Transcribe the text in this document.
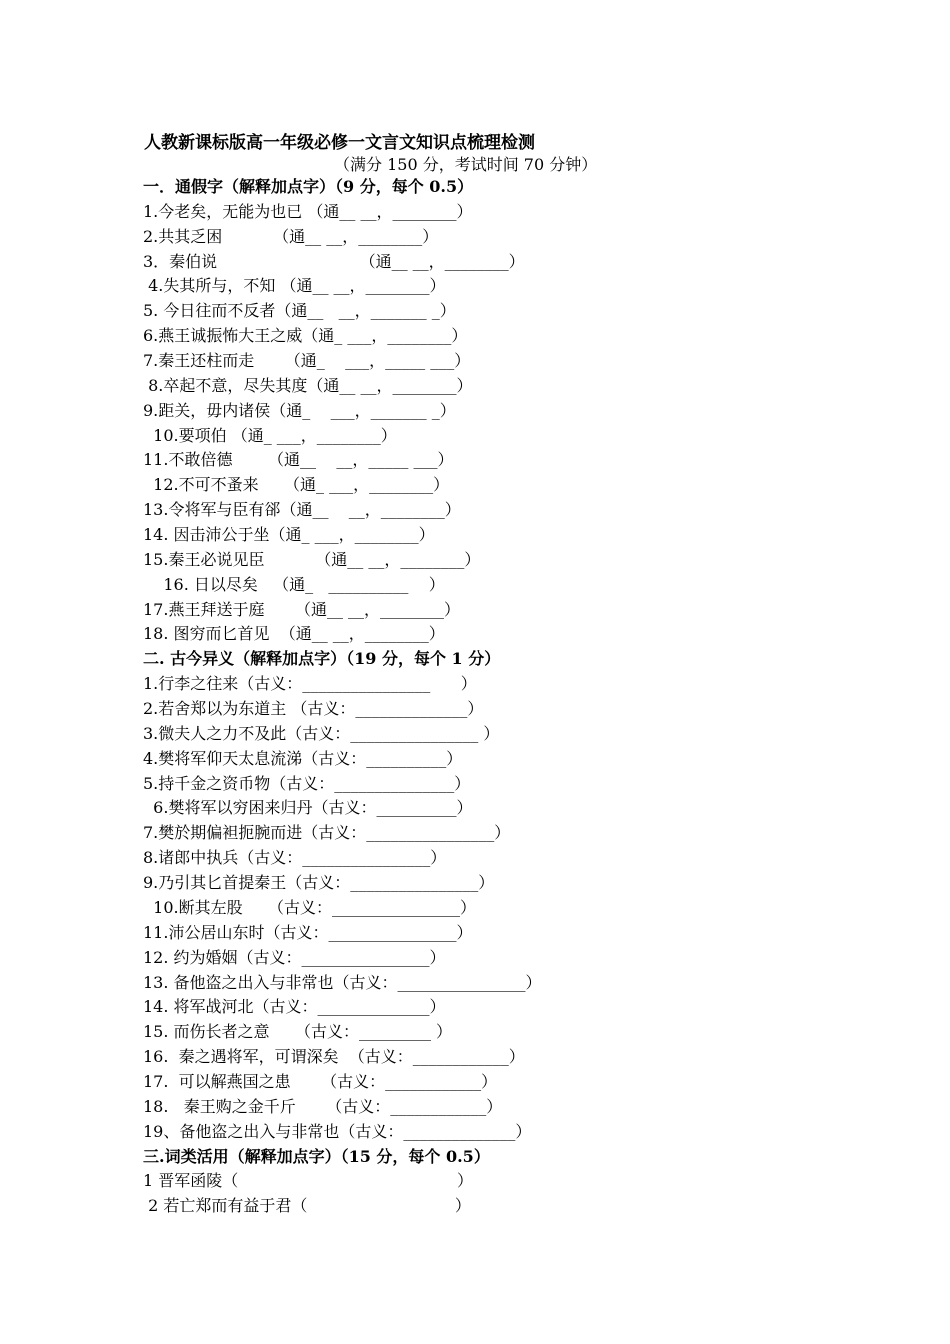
人教新课标版高一年级必修一文言文知识点梳理检测
（满分 150 分，考试时间 70 分钟）
一．通假字（解释加点字）（9 分，每个 0.5）
1.今老矣，无能为也已 （通__ __，________）
2.共其乏困          （通__ __，________）
3．秦伯说                            （通__ __，________）
4.失其所与，不知 （通__ __，________）
5. 今日往而不反者（通__   __，_______ _）
6.燕王诚振怖大王之威（通_ ___，________）
7.秦王还柱而走      （通_    ___，_____ ___）
8.卒起不意，尽失其度（通__ __，________）
9.距关，毋内诸侯（通_    ___，_______ _）
10.要项伯 （通_ ___，________）
11.不敢倍德       （通__    __，_____ ___）
12.不可不蚤来     （通_ ___，________）
13.令将军与臣有郤（通__    __，________）
14. 因击沛公于坐（通_ ___，________）
15.秦王必说见臣          （通__ __，________）
16. 日以尽矣   （通_   __________    ）
17.燕王拜送于庭      （通__ __，________）
18. 图穷而匕首见  （通__ __，________）
二. 古今异义（解释加点字）（19 分，每个 1 分）
1.行李之往来（古义：________________      ）
2.若舍郑以为东道主 （古义：______________）
3.微夫人之力不及此（古义：________________ ）
4.樊将军仰天太息流涕（古义：__________）
5.持千金之资币物（古义：_______________）
6.樊将军以穷困来归丹（古义：__________）
7.樊於期偏袒扼腕而进（古义：________________）
8.诸郎中执兵（古义：________________）
9.乃引其匕首提秦王（古义：________________）
10.断其左股     （古义：________________）
11.沛公居山东时（古义：________________）
12. 约为婚姻（古义：________________）
13. 备他盗之出入与非常也（古义：________________）
14. 将军战河北（古义：______________）
15. 而伤长者之意     （古义：_________ ）
16.  秦之遇将军，可谓深矣  （古义：____________）
17.  可以解燕国之患      （古义：____________）
18.   秦王购之金千斤      （古义：____________）
19、备他盗之出入与非常也（古义：______________）
三.词类活用（解释加点字）（15 分，每个 0.5）
1 晋军函陵（                                           ）
2 若亡郑而有益于君（                             ）
